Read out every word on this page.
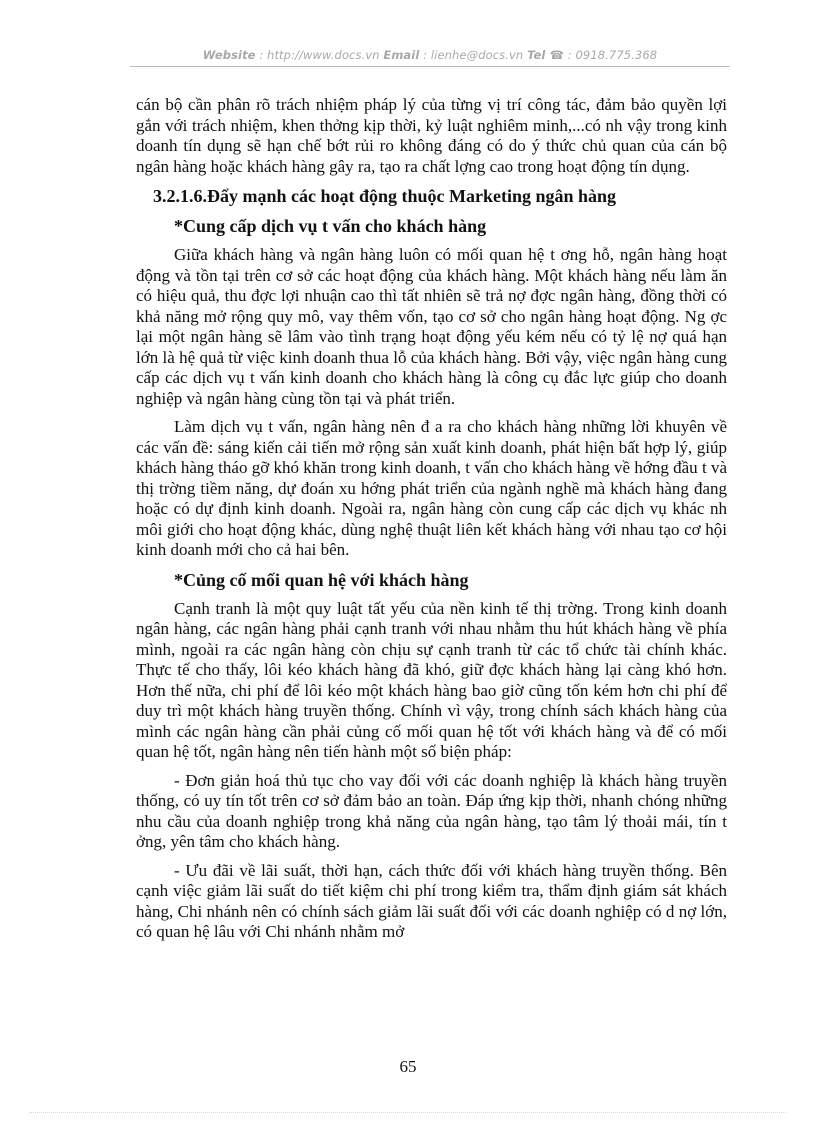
Website : http://www.docs.vn Email : lienhe@docs.vn Tel ☎ : 0918.775.368

cán bộ cần phân rõ trách nhiệm pháp lý của từng vị trí công tác, đảm bảo quyền lợi gắn với trách nhiệm, khen thởng kịp thời, kỷ luật nghiêm minh,...có nh vậy trong kinh doanh tín dụng sẽ hạn chế bớt rủi ro không đáng có do ý thức chủ quan của cán bộ ngân hàng hoặc khách hàng gây ra, tạo ra chất lợng cao trong hoạt động tín dụng.

3.2.1.6.Đẩy mạnh các hoạt động thuộc Marketing ngân hàng
*Cung cấp dịch vụ t vấn cho khách hàng

Giữa khách hàng và ngân hàng luôn có mối quan hệ t ơng hỗ, ngân hàng hoạt động và tồn tại trên cơ sở các hoạt động của khách hàng. Một khách hàng nếu làm ăn có hiệu quả, thu đợc lợi nhuận cao thì tất nhiên sẽ trả nợ đợc ngân hàng, đồng thời có khả năng mở rộng quy mô, vay thêm vốn, tạo cơ sở cho ngân hàng hoạt động. Ng ợc lại một ngân hàng sẽ lâm vào tình trạng hoạt động yếu kém nếu có tỷ lệ nợ quá hạn lớn là hệ quả từ việc kinh doanh thua lỗ của khách hàng. Bởi vậy, việc ngân hàng cung cấp các dịch vụ t vấn kinh doanh cho khách hàng là công cụ đắc lực giúp cho doanh nghiệp và ngân hàng cùng tồn tại và phát triển.

Làm dịch vụ t vấn, ngân hàng nên đ a ra cho khách hàng những lời khuyên về các vấn đề: sáng kiến cải tiến mở rộng sản xuất kinh doanh, phát hiện bất hợp lý, giúp khách hàng tháo gỡ khó khăn trong kinh doanh, t vấn cho khách hàng về hớng đầu t và thị trờng tiềm năng, dự đoán xu hớng phát triển của ngành nghề mà khách hàng đang hoặc có dự định kinh doanh. Ngoài ra, ngân hàng còn cung cấp các dịch vụ khác nh môi giới cho hoạt động khác, dùng nghệ thuật liên kết khách hàng với nhau tạo cơ hội kinh doanh mới cho cả hai bên.

*Củng cố mối quan hệ với khách hàng

Cạnh tranh là một quy luật tất yếu của nền kinh tế thị trờng. Trong kinh doanh ngân hàng, các ngân hàng phải cạnh tranh với nhau nhằm thu hút khách hàng về phía mình, ngoài ra các ngân hàng còn chịu sự cạnh tranh từ các tổ chức tài chính khác. Thực tế cho thấy, lôi kéo khách hàng đã khó, giữ đợc khách hàng lại càng khó hơn. Hơn thế nữa, chi phí để lôi kéo một khách hàng bao giờ cũng tốn kém hơn chi phí để duy trì một khách hàng truyền thống. Chính vì vậy, trong chính sách khách hàng của mình các ngân hàng cần phải củng cố mối quan hệ tốt với khách hàng và để có mối quan hệ tốt, ngân hàng nên tiến hành một số biện pháp:

- Đơn giản hoá thủ tục cho vay đối với các doanh nghiệp là khách hàng truyền thống, có uy tín tốt trên cơ sở đảm bảo an toàn. Đáp ứng kịp thời, nhanh chóng những nhu cầu của doanh nghiệp trong khả năng của ngân hàng, tạo tâm lý thoải mái, tín t ởng, yên tâm cho khách hàng.

- Ưu đãi về lãi suất, thời hạn, cách thức đối với khách hàng truyền thống. Bên cạnh việc giảm lãi suất do tiết kiệm chi phí trong kiểm tra, thẩm định giám sát khách hàng, Chi nhánh nên có chính sách giảm lãi suất đối với các doanh nghiệp có d nợ lớn, có quan hệ lâu với Chi nhánh nhằm mở

65
